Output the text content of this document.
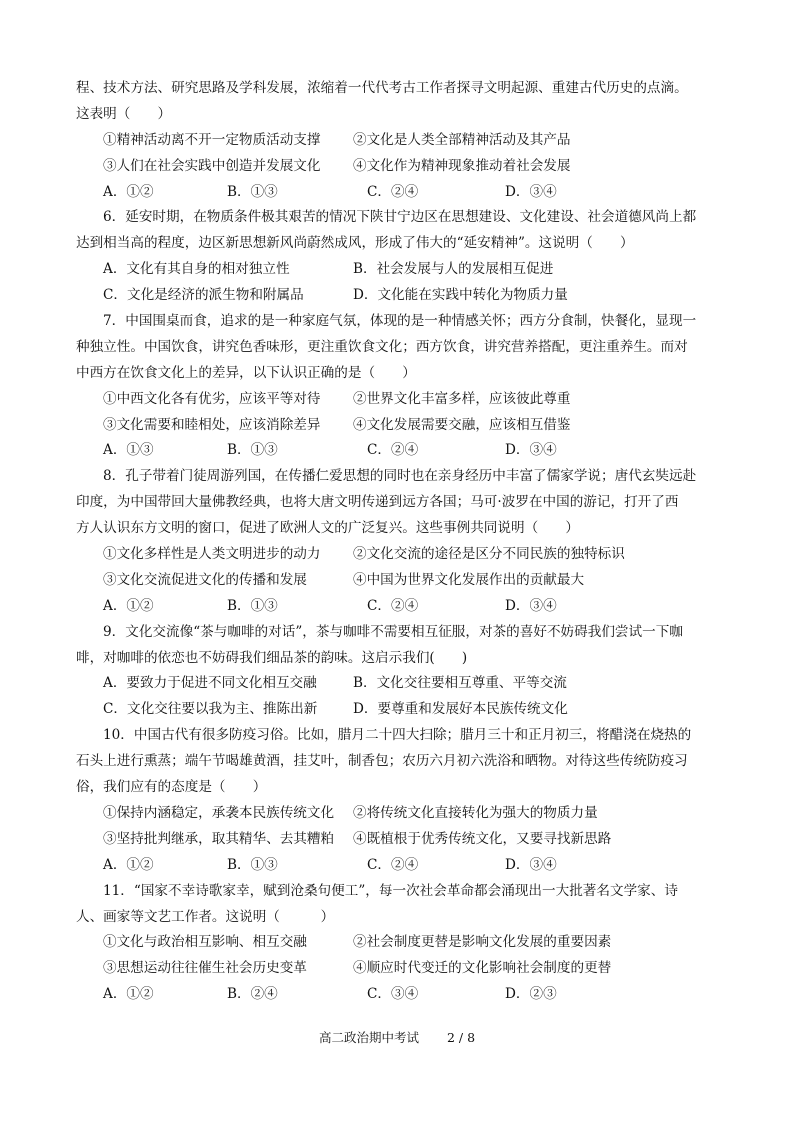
程、技术方法、研究思路及学科发展，浓缩着一代代考古工作者探寻文明起源、重建古代历史的点滴。
这表明（　　）
①精神活动离不开一定物质活动支撑	②文化是人类全部精神活动及其产品
③人们在社会实践中创造并发展文化	④文化作为精神现象推动着社会发展
A．①②	B．①③	C．②④	D．③④
6．延安时期，在物质条件极其艰苦的情况下陕甘宁边区在思想建设、文化建设、社会道德风尚上都
达到相当高的程度，边区新思想新风尚蔚然成风，形成了伟大的“延安精神”。这说明（　　）
A．文化有其自身的相对独立性	B．社会发展与人的发展相互促进
C．文化是经济的派生物和附属品	D．文化能在实践中转化为物质力量
7．中国围桌而食，追求的是一种家庭气氛，体现的是一种情感关怀；西方分食制，快餐化，显现一
种独立性。中国饮食，讲究色香味形，更注重饮食文化；西方饮食，讲究营养搭配，更注重养生。而对
中西方在饮食文化上的差异，以下认识正确的是（　　）
①中西文化各有优劣，应该平等对待	②世界文化丰富多样，应该彼此尊重
③文化需要和睦相处，应该消除差异	④文化发展需要交融，应该相互借鉴
A．①③	B．①③	C．②④	D．③④
8．孔子带着门徒周游列国，在传播仁爱思想的同时也在亲身经历中丰富了儒家学说；唐代玄奘远赴
印度，为中国带回大量佛教经典，也将大唐文明传递到远方各国；马可·波罗在中国的游记，打开了西
方人认识东方文明的窗口，促进了欧洲人文的广泛复兴。这些事例共同说明（　　）
①文化多样性是人类文明进步的动力	②文化交流的途径是区分不同民族的独特标识
③文化交流促进文化的传播和发展	④中国为世界文化发展作出的贡献最大
A．①②	B．①③	C．②④	D．③④
9．文化交流像“茶与咖啡的对话”，茶与咖啡不需要相互征服，对茶的喜好不妨碍我们尝试一下咖
啡，对咖啡的依恋也不妨碍我们细品茶的韵味。这启示我们(　　)
A．要致力于促进不同文化相互交融	B．文化交往要相互尊重、平等交流
C．文化交往要以我为主、推陈出新	D．要尊重和发展好本民族传统文化
10．中国古代有很多防疫习俗。比如，腊月二十四大扫除；腊月三十和正月初三，将醋浇在烧热的
石头上进行熏蒸；端午节喝雄黄酒，挂艾叶，制香包；农历六月初六洗浴和晒物。对待这些传统防疫习
俗，我们应有的态度是（　　）
①保持内涵稳定，承袭本民族传统文化	②将传统文化直接转化为强大的物质力量
③坚持批判继承，取其精华、去其糟粕	④既植根于优秀传统文化，又要寻找新思路
A．①②	B．①③	C．②④	D．③④
11．“国家不幸诗歌家幸，赋到沧桑句便工”，每一次社会革命都会涌现出一大批著名文学家、诗
人、画家等文艺工作者。这说明（　　　）
①文化与政治相互影响、相互交融	②社会制度更替是影响文化发展的重要因素
③思想运动往往催生社会历史变革	④顺应时代变迁的文化影响社会制度的更替
A．①②	B．②④	C．③④	D．②③
高二政治期中考试 2 / 8
